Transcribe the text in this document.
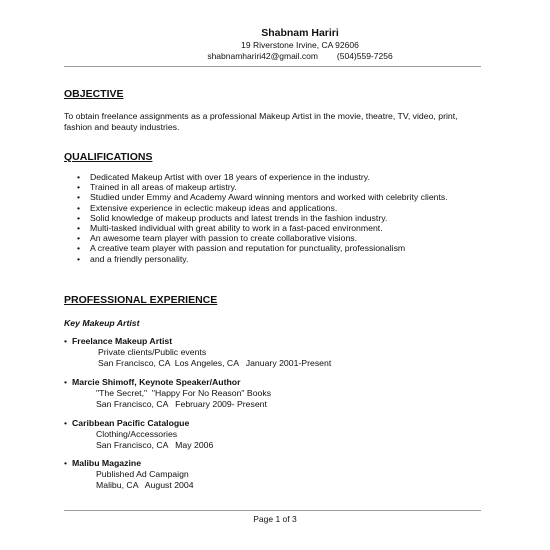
Shabnam Hariri
19 Riverstone Irvine, CA 92606
shabnamhariri42@gmail.com (504)559-7256
OBJECTIVE

To obtain freelance assignments as a professional Makeup Artist in the movie, theatre, TV, video, print, fashion and beauty industries.

QUALIFICATIONS
• Dedicated Makeup Artist with over 18 years of experience in the industry.
• Trained in all areas of makeup artistry.
• Studied under Emmy and Academy Award winning mentors and worked with celebrity clients.
• Extensive experience in eclectic makeup ideas and applications.
• Solid knowledge of makeup products and latest trends in the fashion industry.
• Multi-tasked individual with great ability to work in a fast-paced environment.
• An awesome team player with passion to create collaborative visions.
• A creative team player with passion and reputation for punctuality, professionalism
• and a friendly personality.
PROFESSIONAL EXPERIENCE
Key Makeup Artist
• Freelance Makeup Artist
Private clients/Public events
San Francisco, CA  Los Angeles, CA   January 2001-Present
• Marcie Shimoff, Keynote Speaker/Author
"The Secret,"  "Happy For No Reason" Books
San Francisco, CA   February 2009- Present
• Caribbean Pacific Catalogue
Clothing/Accessories
San Francisco, CA   May 2006
• Malibu Magazine
Published Ad Campaign
Malibu, CA   August 2004
Page 1 of 3
